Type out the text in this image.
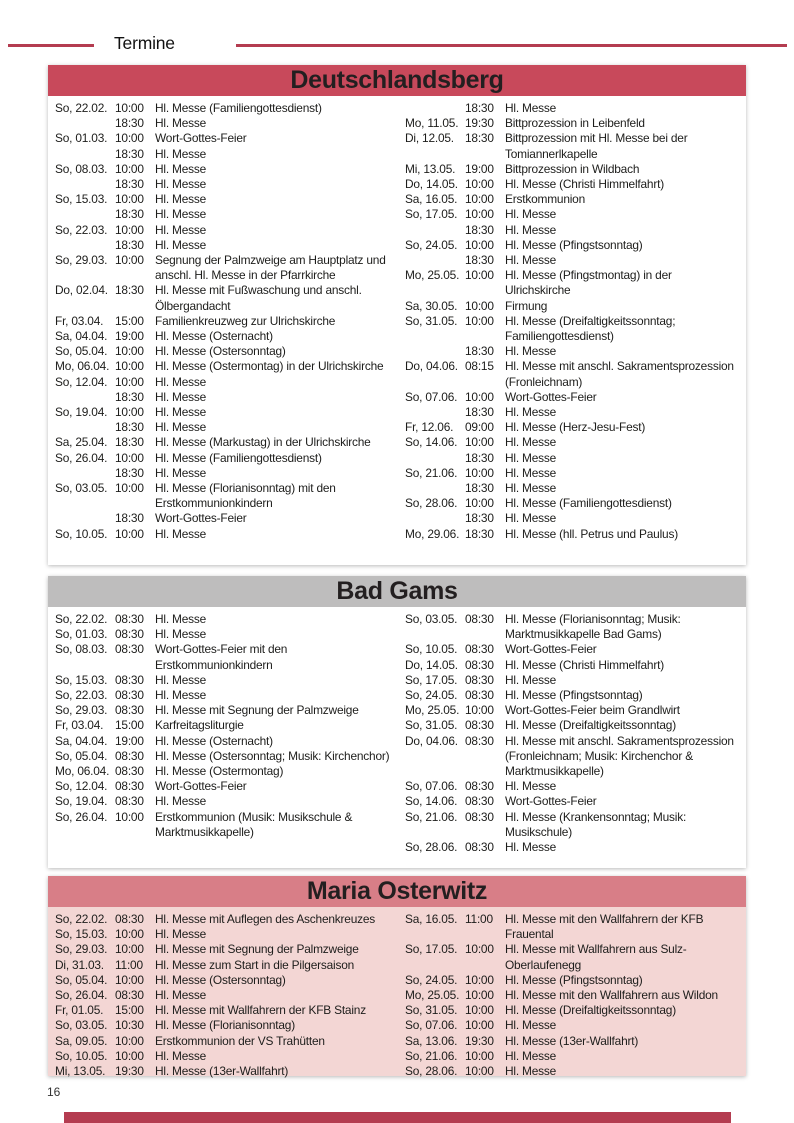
Termine
Deutschlandsberg
So, 22.02. 10:00 Hl. Messe (Familiengottesdienst)
18:30 Hl. Messe
So, 01.03. 10:00 Wort-Gottes-Feier
18:30 Hl. Messe
So, 08.03. 10:00 Hl. Messe
18:30 Hl. Messe
So, 15.03. 10:00 Hl. Messe
18:30 Hl. Messe
So, 22.03. 10:00 Hl. Messe
18:30 Hl. Messe
So, 29.03. 10:00 Segnung der Palmzweige am Hauptplatz und anschl. Hl. Messe in der Pfarrkirche
Do, 02.04. 18:30 Hl. Messe mit Fußwaschung und anschl. Ölbergandacht
Fr, 03.04. 15:00 Familienkreuzweg zur Ulrichskirche
Sa, 04.04. 19:00 Hl. Messe (Osternacht)
So, 05.04. 10:00 Hl. Messe (Ostersonntag)
Mo, 06.04. 10:00 Hl. Messe (Ostermontag) in der Ulrichskirche
So, 12.04. 10:00 Hl. Messe
18:30 Hl. Messe
So, 19.04. 10:00 Hl. Messe
18:30 Hl. Messe
Sa, 25.04. 18:30 Hl. Messe (Markustag) in der Ulrichskirche
So, 26.04. 10:00 Hl. Messe (Familiengottesdienst)
18:30 Hl. Messe
So, 03.05. 10:00 Hl. Messe (Florianisonntag) mit den Erstkommunionkindern
18:30 Wort-Gottes-Feier
So, 10.05. 10:00 Hl. Messe
18:30 Hl. Messe
Mo, 11.05. 19:30 Bittprozession in Leibenfeld
Di, 12.05. 18:30 Bittprozession mit Hl. Messe bei der Tomiannerlkapelle
Mi, 13.05. 19:00 Bittprozession in Wildbach
Do, 14.05. 10:00 Hl. Messe (Christi Himmelfahrt)
Sa, 16.05. 10:00 Erstkommunion
So, 17.05. 10:00 Hl. Messe
18:30 Hl. Messe
So, 24.05. 10:00 Hl. Messe (Pfingstsonntag)
18:30 Hl. Messe
Mo, 25.05. 10:00 Hl. Messe (Pfingstmontag) in der Ulrichskirche
Sa, 30.05. 10:00 Firmung
So, 31.05. 10:00 Hl. Messe (Dreifaltigkeitssonntag; Familiengottesdienst)
18:30 Hl. Messe
Do, 04.06. 08:15 Hl. Messe mit anschl. Sakramentsprozession (Fronleichnam)
So, 07.06. 10:00 Wort-Gottes-Feier
18:30 Hl. Messe
Fr, 12.06. 09:00 Hl. Messe (Herz-Jesu-Fest)
So, 14.06. 10:00 Hl. Messe
18:30 Hl. Messe
So, 21.06. 10:00 Hl. Messe
18:30 Hl. Messe
So, 28.06. 10:00 Hl. Messe (Familiengottesdienst)
18:30 Hl. Messe
Mo, 29.06. 18:30 Hl. Messe (hll. Petrus und Paulus)
Bad Gams
So, 22.02. 08:30 Hl. Messe
So, 01.03. 08:30 Hl. Messe
So, 08.03. 08:30 Wort-Gottes-Feier mit den Erstkommunionkindern
So, 15.03. 08:30 Hl. Messe
So, 22.03. 08:30 Hl. Messe
So, 29.03. 08:30 Hl. Messe mit Segnung der Palmzweige
Fr, 03.04. 15:00 Karfreitagsliturgie
Sa, 04.04. 19:00 Hl. Messe (Osternacht)
So, 05.04. 08:30 Hl. Messe (Ostersonntag; Musik: Kirchenchor)
Mo, 06.04. 08:30 Hl. Messe (Ostermontag)
So, 12.04. 08:30 Wort-Gottes-Feier
So, 19.04. 08:30 Hl. Messe
So, 26.04. 10:00 Erstkommunion (Musik: Musikschule & Marktmusikkapelle)
So, 03.05. 08:30 Hl. Messe (Florianisonntag; Musik: Marktmusikkapelle Bad Gams)
So, 10.05. 08:30 Wort-Gottes-Feier
Do, 14.05. 08:30 Hl. Messe (Christi Himmelfahrt)
So, 17.05. 08:30 Hl. Messe
So, 24.05. 08:30 Hl. Messe (Pfingstsonntag)
Mo, 25.05. 10:00 Wort-Gottes-Feier beim Grandlwirt
So, 31.05. 08:30 Hl. Messe (Dreifaltigkeitssonntag)
Do, 04.06. 08:30 Hl. Messe mit anschl. Sakramentsprozession (Fronleichnam; Musik: Kirchenchor & Marktmusikkapelle)
So, 07.06. 08:30 Hl. Messe
So, 14.06. 08:30 Wort-Gottes-Feier
So, 21.06. 08:30 Hl. Messe (Krankensonntag; Musik: Musikschule)
So, 28.06. 08:30 Hl. Messe
Maria Osterwitz
So, 22.02. 08:30 Hl. Messe mit Auflegen des Aschenkreuzes
So, 15.03. 10:00 Hl. Messe
So, 29.03. 10:00 Hl. Messe mit Segnung der Palmzweige
Di, 31.03. 11:00	Hl. Messe zum Start in die Pilgersaison
So, 05.04. 10:00 Hl. Messe (Ostersonntag)
So, 26.04. 08:30 Hl. Messe
Fr, 01.05. 15:00 Hl. Messe mit Wallfahrern der KFB Stainz
So, 03.05. 10:30 Hl. Messe (Florianisonntag)
Sa, 09.05. 10:00 Erstkommunion der VS Trahütten
So, 10.05. 10:00 Hl. Messe
Mi, 13.05. 19:30 Hl. Messe (13er-Wallfahrt)
Sa, 16.05. 11:00	Hl. Messe mit den Wallfahrern der KFB Frauental
So, 17.05. 10:00 Hl. Messe mit Wallfahrern aus Sulz-Oberlaufenegg
So, 24.05. 10:00 Hl. Messe (Pfingstsonntag)
Mo, 25.05. 10:00 Hl. Messe mit den Wallfahrern aus Wildon
So, 31.05. 10:00 Hl. Messe (Dreifaltigkeitssonntag)
So, 07.06. 10:00 Hl. Messe
Sa, 13.06. 19:30 Hl. Messe (13er-Wallfahrt)
So, 21.06. 10:00 Hl. Messe
So, 28.06. 10:00 Hl. Messe
16
